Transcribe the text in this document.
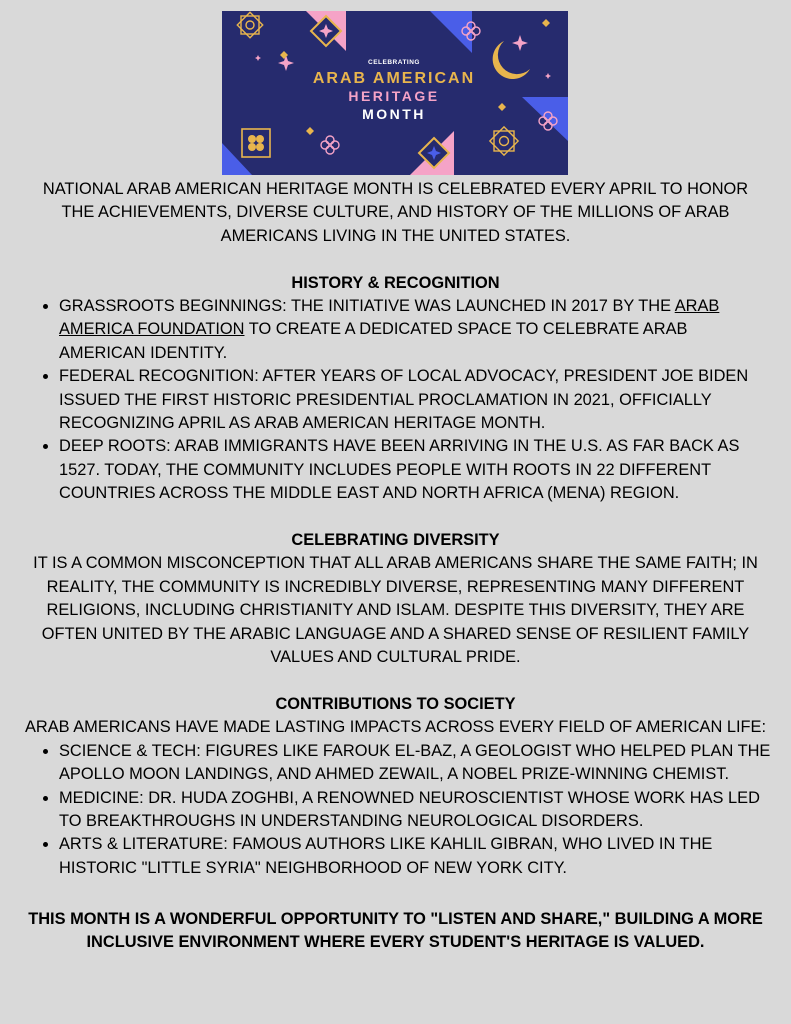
CELEBRATING
ARAB AMERICAN
HERITAGE
MONTH

NATIONAL ARAB AMERICAN HERITAGE MONTH IS CELEBRATED EVERY APRIL TO HONOR THE ACHIEVEMENTS, DIVERSE CULTURE, AND HISTORY OF THE MILLIONS OF ARAB AMERICANS LIVING IN THE UNITED STATES.

HISTORY & RECOGNITION

• GRASSROOTS BEGINNINGS: THE INITIATIVE WAS LAUNCHED IN 2017 BY THE ARAB AMERICA FOUNDATION TO CREATE A DEDICATED SPACE TO CELEBRATE ARAB AMERICAN IDENTITY.
• FEDERAL RECOGNITION: AFTER YEARS OF LOCAL ADVOCACY, PRESIDENT JOE BIDEN ISSUED THE FIRST HISTORIC PRESIDENTIAL PROCLAMATION IN 2021, OFFICIALLY RECOGNIZING APRIL AS ARAB AMERICAN HERITAGE MONTH.
• DEEP ROOTS: ARAB IMMIGRANTS HAVE BEEN ARRIVING IN THE U.S. AS FAR BACK AS 1527. TODAY, THE COMMUNITY INCLUDES PEOPLE WITH ROOTS IN 22 DIFFERENT COUNTRIES ACROSS THE MIDDLE EAST AND NORTH AFRICA (MENA) REGION.

CELEBRATING DIVERSITY

IT IS A COMMON MISCONCEPTION THAT ALL ARAB AMERICANS SHARE THE SAME FAITH; IN REALITY, THE COMMUNITY IS INCREDIBLY DIVERSE, REPRESENTING MANY DIFFERENT RELIGIONS, INCLUDING CHRISTIANITY AND ISLAM. DESPITE THIS DIVERSITY, THEY ARE OFTEN UNITED BY THE ARABIC LANGUAGE AND A SHARED SENSE OF RESILIENT FAMILY VALUES AND CULTURAL PRIDE.

CONTRIBUTIONS TO SOCIETY

ARAB AMERICANS HAVE MADE LASTING IMPACTS ACROSS EVERY FIELD OF AMERICAN LIFE:

• SCIENCE & TECH: FIGURES LIKE FAROUK EL-BAZ, A GEOLOGIST WHO HELPED PLAN THE APOLLO MOON LANDINGS, AND AHMED ZEWAIL, A NOBEL PRIZE-WINNING CHEMIST.
• MEDICINE: DR. HUDA ZOGHBI, A RENOWNED NEUROSCIENTIST WHOSE WORK HAS LED TO BREAKTHROUGHS IN UNDERSTANDING NEUROLOGICAL DISORDERS.
• ARTS & LITERATURE: FAMOUS AUTHORS LIKE KAHLIL GIBRAN, WHO LIVED IN THE HISTORIC "LITTLE SYRIA" NEIGHBORHOOD OF NEW YORK CITY.

THIS MONTH IS A WONDERFUL OPPORTUNITY TO "LISTEN AND SHARE," BUILDING A MORE INCLUSIVE ENVIRONMENT WHERE EVERY STUDENT'S HERITAGE IS VALUED.
